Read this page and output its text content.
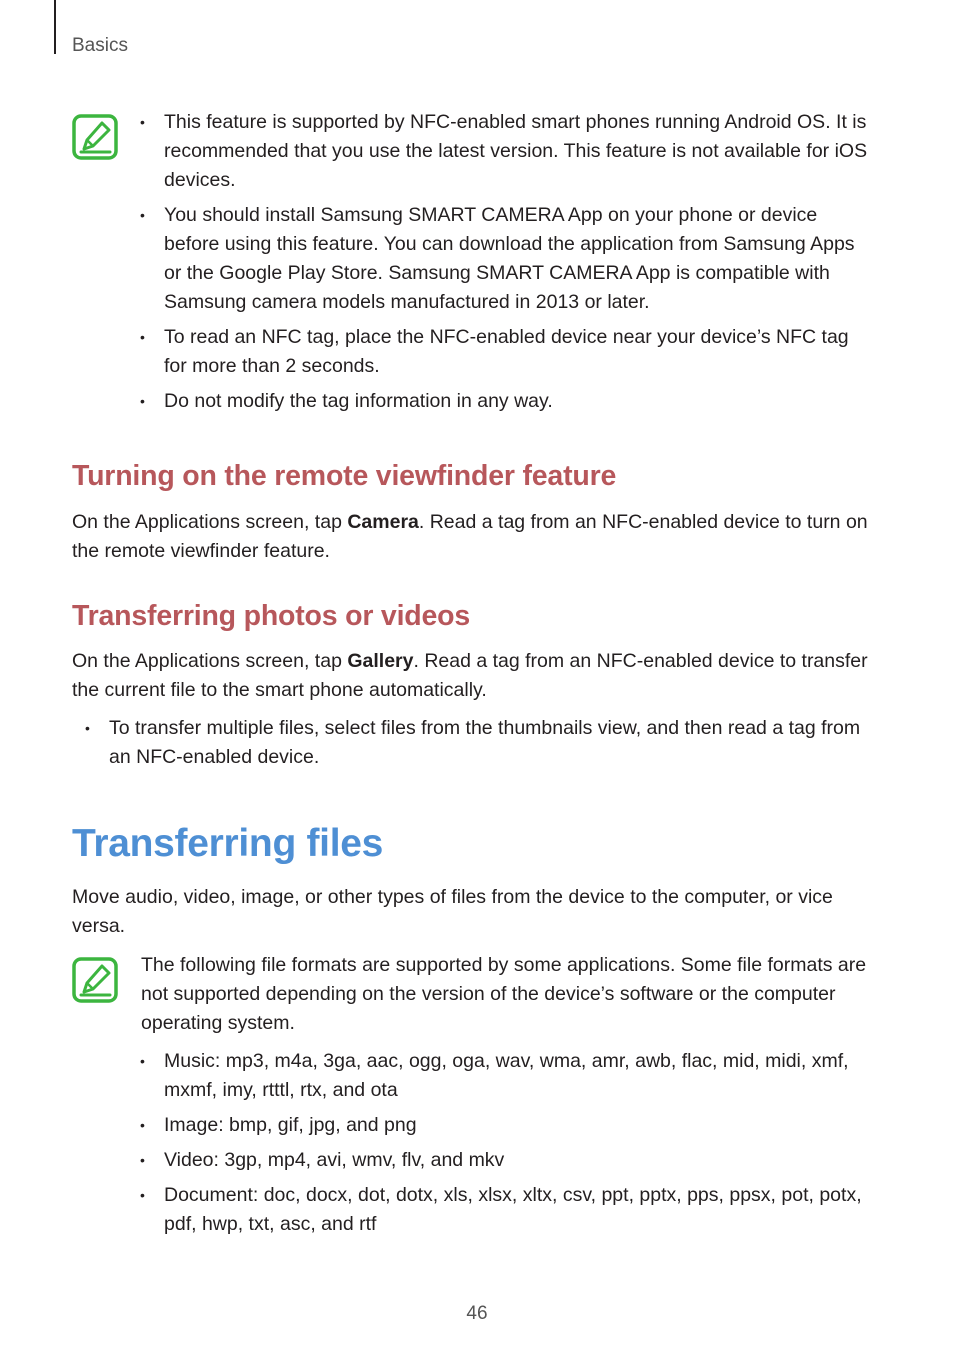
Basics
• This feature is supported by NFC-enabled smart phones running Android OS. It is recommended that you use the latest version. This feature is not available for iOS devices.
• You should install Samsung SMART CAMERA App on your phone or device before using this feature. You can download the application from Samsung Apps or the Google Play Store. Samsung SMART CAMERA App is compatible with Samsung camera models manufactured in 2013 or later.
• To read an NFC tag, place the NFC-enabled device near your device’s NFC tag for more than 2 seconds.
• Do not modify the tag information in any way.
Turning on the remote viewfinder feature

On the Applications screen, tap Camera. Read a tag from an NFC-enabled device to turn on the remote viewfinder feature.

Transferring photos or videos

On the Applications screen, tap Gallery. Read a tag from an NFC-enabled device to transfer the current file to the smart phone automatically.

• To transfer multiple files, select files from the thumbnails view, and then read a tag from an NFC-enabled device.
Transferring files

Move audio, video, image, or other types of files from the device to the computer, or vice versa.

The following file formats are supported by some applications. Some file formats are not supported depending on the version of the device’s software or the computer operating system.

• Music: mp3, m4a, 3ga, aac, ogg, oga, wav, wma, amr, awb, flac, mid, midi, xmf, mxmf, imy, rtttl, rtx, and ota
• Image: bmp, gif, jpg, and png
• Video: 3gp, mp4, avi, wmv, flv, and mkv
• Document: doc, docx, dot, dotx, xls, xlsx, xltx, csv, ppt, pptx, pps, ppsx, pot, potx, pdf, hwp, txt, asc, and rtf
46
